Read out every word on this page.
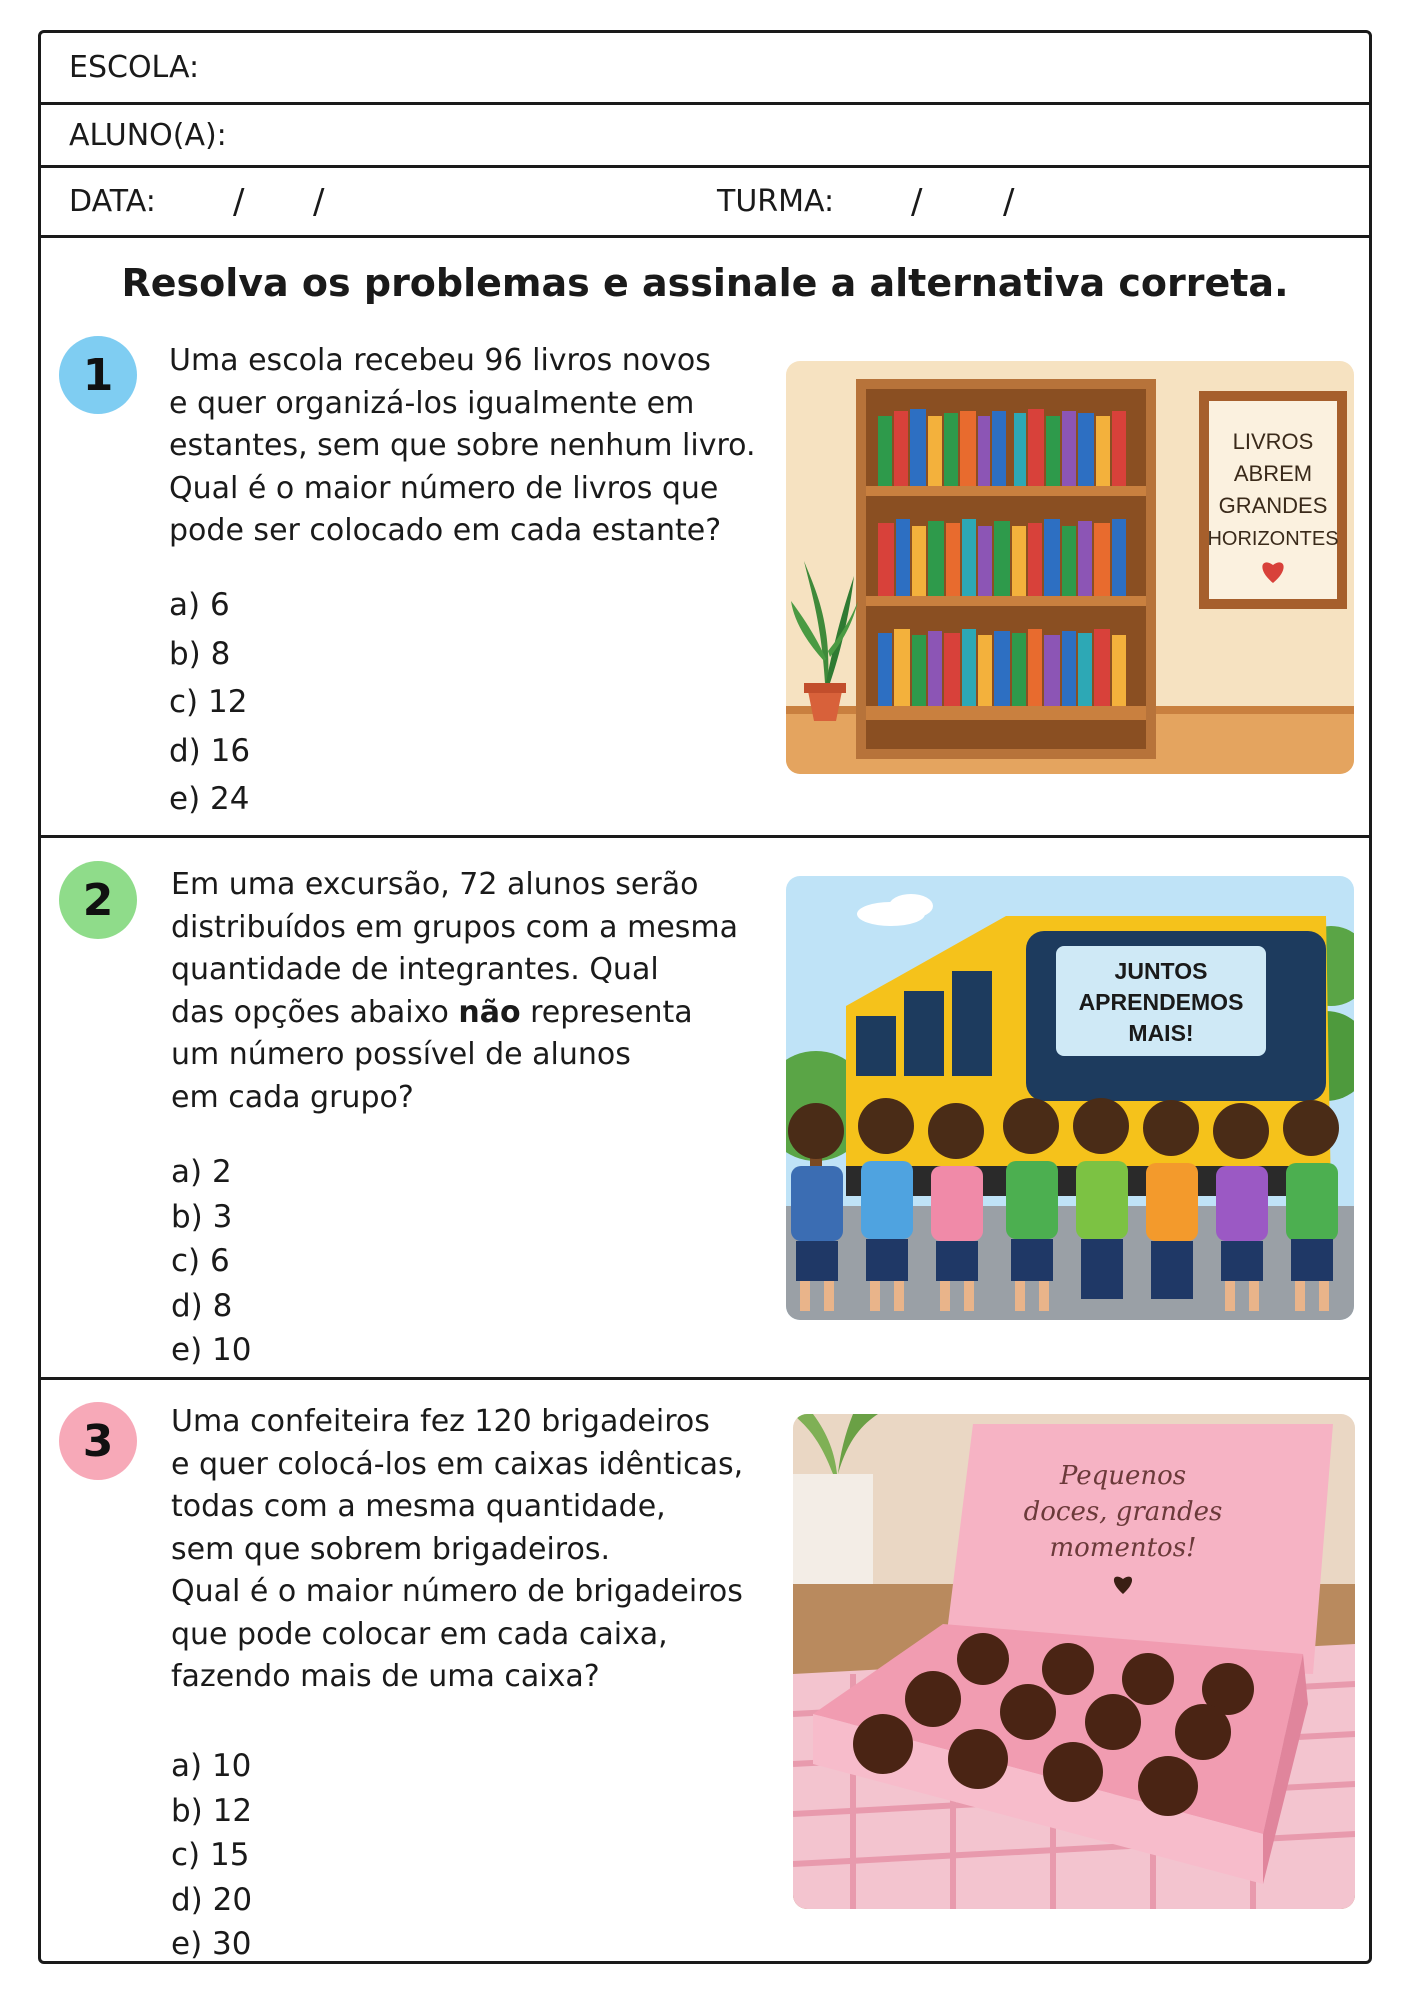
ESCOLA:
ALUNO(A):
DATA: / /	TURMA: / /
Resolva os problemas e assinale a alternativa correta.
1 Uma escola recebeu 96 livros novos

e quer organizá-los igualmente em

estantes, sem que sobre nenhum livro.

Qual é o maior número de livros que

pode ser colocado em cada estante?

a) 6
b) 8
c) 12
d) 16
e) 24
LIVROS
ABREM
GRANDES
HORIZONTES
2 Em uma excursão, 72 alunos serão

distribuídos em grupos com a mesma

quantidade de integrantes. Qual

das opções abaixo não representa

um número possível de alunos

em cada grupo?

a) 2
b) 3
c) 6
d) 8
e) 10
JUNTOS
APRENDEMOS
MAIS!
3 Uma confeiteira fez 120 brigadeiros

e quer colocá-los em caixas idênticas,

todas com a mesma quantidade,

sem que sobrem brigadeiros.

Qual é o maior número de brigadeiros

que pode colocar em cada caixa,

fazendo mais de uma caixa?

a) 10
b) 12
c) 15
d) 20
e) 30
Pequenos
doces, grandes
momentos!
